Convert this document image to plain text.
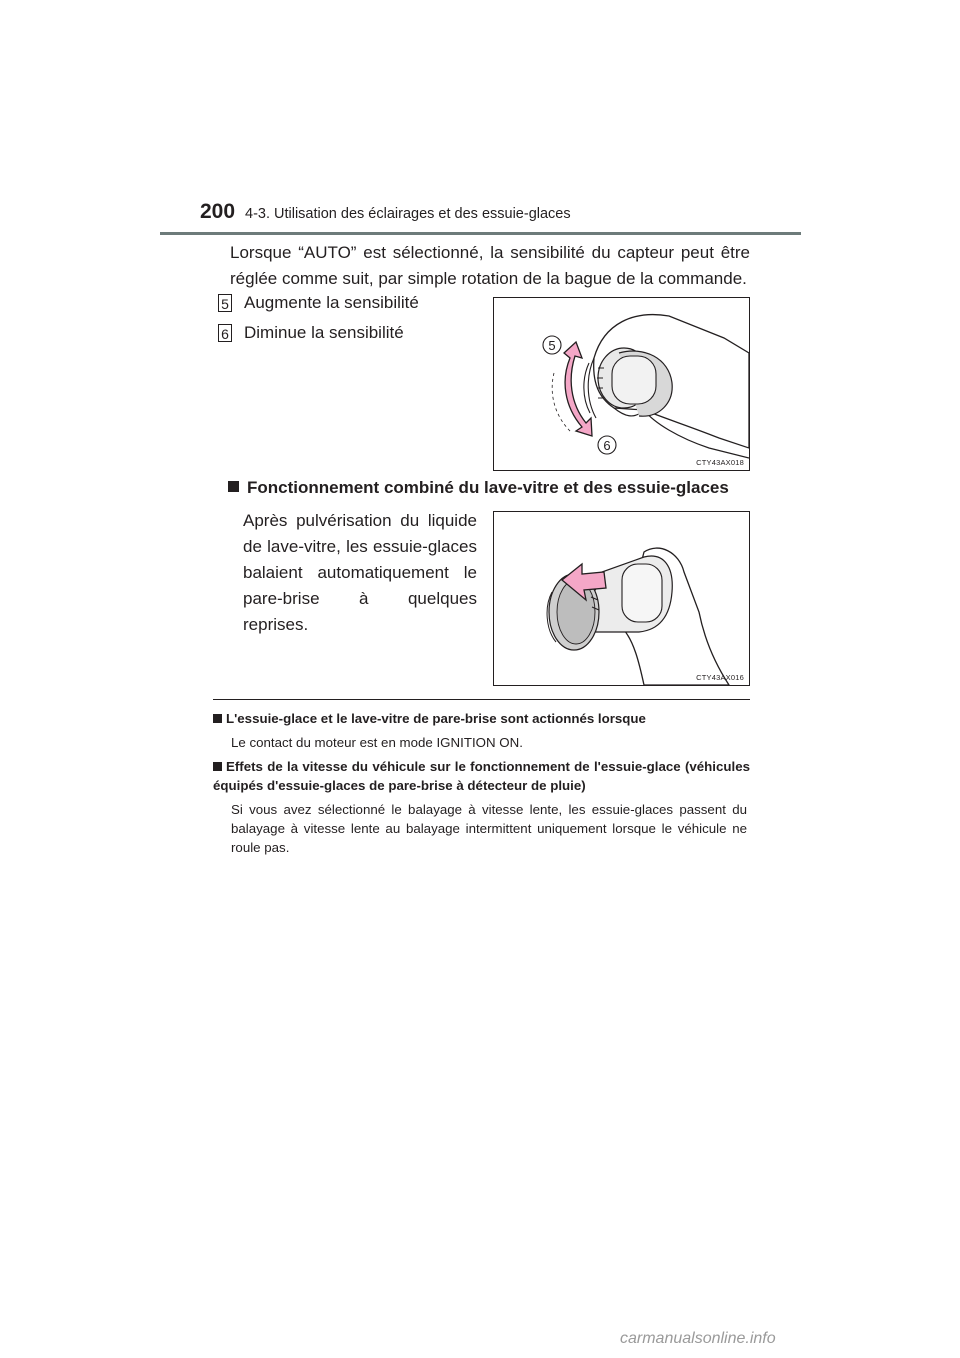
200 4-3. Utilisation des éclairages et des essuie-glaces
Lorsque “AUTO” est sélectionné, la sensibilité du capteur peut être réglée comme suit, par simple rotation de la bague de la commande.
5 Augmente la sensibilité
6 Diminue la sensibilité
5
6
CTY43AX018
Fonctionnement combiné du lave-vitre et des essuie-glaces
Après pulvérisation du liquide de lave-vitre, les essuie-glaces balaient automatiquement le pare-brise à quelques reprises.
CTY43AX016
L'essuie-glace et le lave-vitre de pare-brise sont actionnés lorsque
Le contact du moteur est en mode IGNITION ON.
Effets de la vitesse du véhicule sur le fonctionnement de l'essuie-glace (véhicules équipés d'essuie-glaces de pare-brise à détecteur de pluie)
Si vous avez sélectionné le balayage à vitesse lente, les essuie-glaces passent du balayage à vitesse lente au balayage intermittent uniquement lorsque le véhicule ne roule pas.
carmanualsonline.info
